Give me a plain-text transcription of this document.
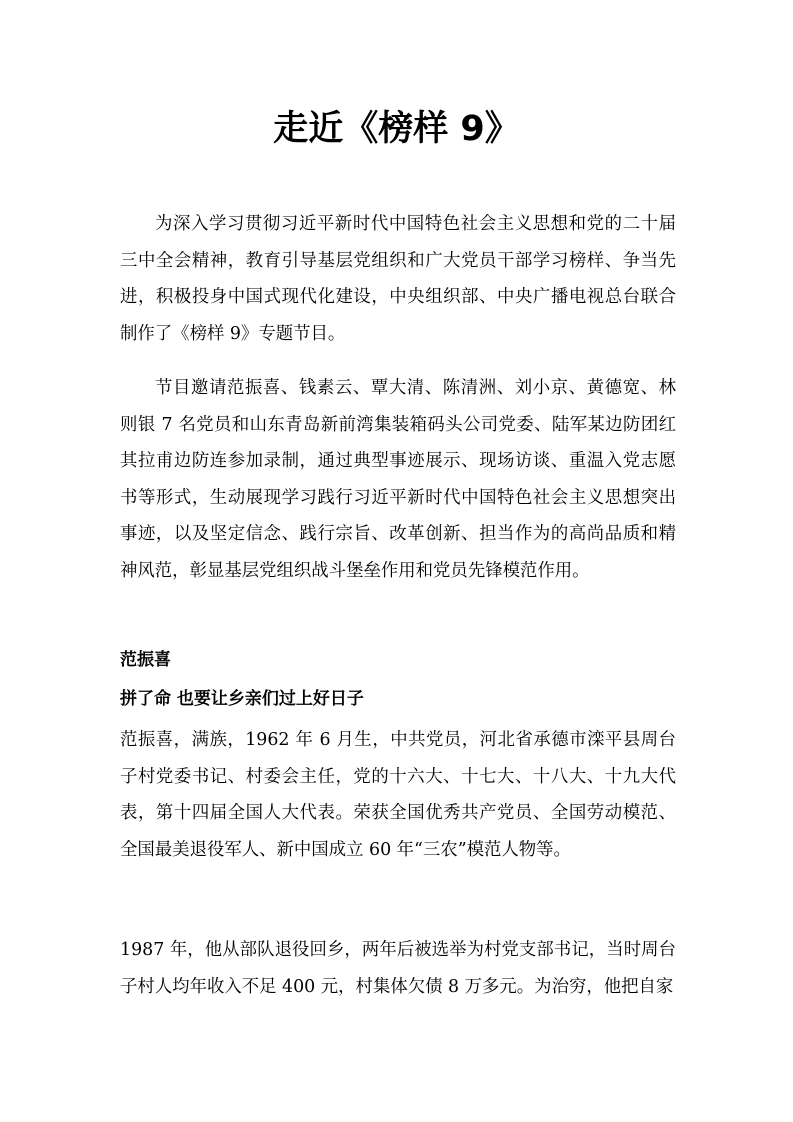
走近《榜样 9》

为深入学习贯彻习近平新时代中国特色社会主义思想和党的二十届三中全会精神，教育引导基层党组织和广大党员干部学习榜样、争当先进，积极投身中国式现代化建设，中央组织部、中央广播电视总台联合制作了《榜样 9》专题节目。

节目邀请范振喜、钱素云、覃大清、陈清洲、刘小京、黄德宽、林则银 7 名党员和山东青岛新前湾集装箱码头公司党委、陆军某边防团红其拉甫边防连参加录制，通过典型事迹展示、现场访谈、重温入党志愿书等形式，生动展现学习践行习近平新时代中国特色社会主义思想突出事迹，以及坚定信念、践行宗旨、改革创新、担当作为的高尚品质和精神风范，彰显基层党组织战斗堡垒作用和党员先锋模范作用。

范振喜
拼了命 也要让乡亲们过上好日子

范振喜，满族，1962 年 6 月生，中共党员，河北省承德市滦平县周台子村党委书记、村委会主任，党的十六大、十七大、十八大、十九大代表，第十四届全国人大代表。荣获全国优秀共产党员、全国劳动模范、全国最美退役军人、新中国成立 60 年“三农”模范人物等。

1987 年，他从部队退役回乡，两年后被选举为村党支部书记，当时周台子村人均年收入不足 400 元，村集体欠债 8 万多元。为治穷，他把自家
